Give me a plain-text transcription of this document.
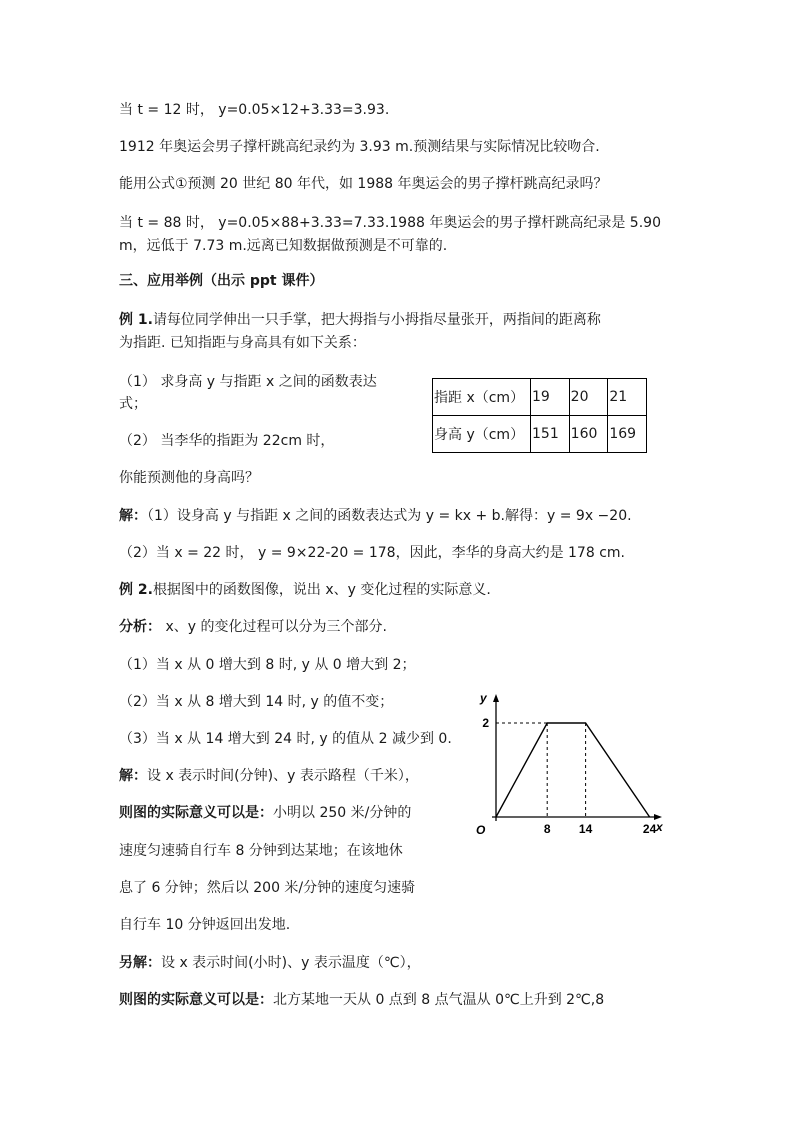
当 t = 12 时， y=0.05×12+3.33=3.93.
1912 年奥运会男子撑杆跳高纪录约为 3.93 m.预测结果与实际情况比较吻合.
能用公式①预测 20 世纪 80 年代，如 1988 年奥运会的男子撑杆跳高纪录吗？
当 t = 88 时， y=0.05×88+3.33=7.33.1988 年奥运会的男子撑杆跳高纪录是 5.90
m，远低于 7.73 m.远离已知数据做预测是不可靠的.
三、应用举例（出示 ppt 课件）
例 1.请每位同学伸出一只手掌，把大拇指与小拇指尽量张开，两指间的距离称
为指距. 已知指距与身高具有如下关系：
（1） 求身高 y 与指距 x 之间的函数表达
式；
（2） 当李华的指距为 22cm 时，
你能预测他的身高吗？
指距 x（cm）	19	20	21
身高 y（cm）	151	160	169
解：（1）设身高 y 与指距 x 之间的函数表达式为 y = kx + b.解得：y = 9x −20.
（2）当 x = 22 时， y = 9×22-20 = 178，因此，李华的身高大约是 178 cm.
例 2.根据图中的函数图像，说出 x、y 变化过程的实际意义.
分析： x、y 的变化过程可以分为三个部分.
（1）当 x 从 0 增大到 8 时, y 从 0 增大到 2；
（2）当 x 从 8 增大到 14 时, y 的值不变；
（3）当 x 从 14 增大到 24 时, y 的值从 2 减少到 0.
解：设 x 表示时间(分钟)、y 表示路程（千米），
则图的实际意义可以是：小明以 250 米/分钟的
速度匀速骑自行车 8 分钟到达某地；在该地休
息了 6 分钟；然后以 200 米/分钟的速度匀速骑
自行车 10 分钟返回出发地.
另解：设 x 表示时间(小时)、y 表示温度（℃），
则图的实际意义可以是：北方某地一天从 0 点到 8 点气温从 0℃上升到 2℃,8
y
x
O	8 14	24
2
